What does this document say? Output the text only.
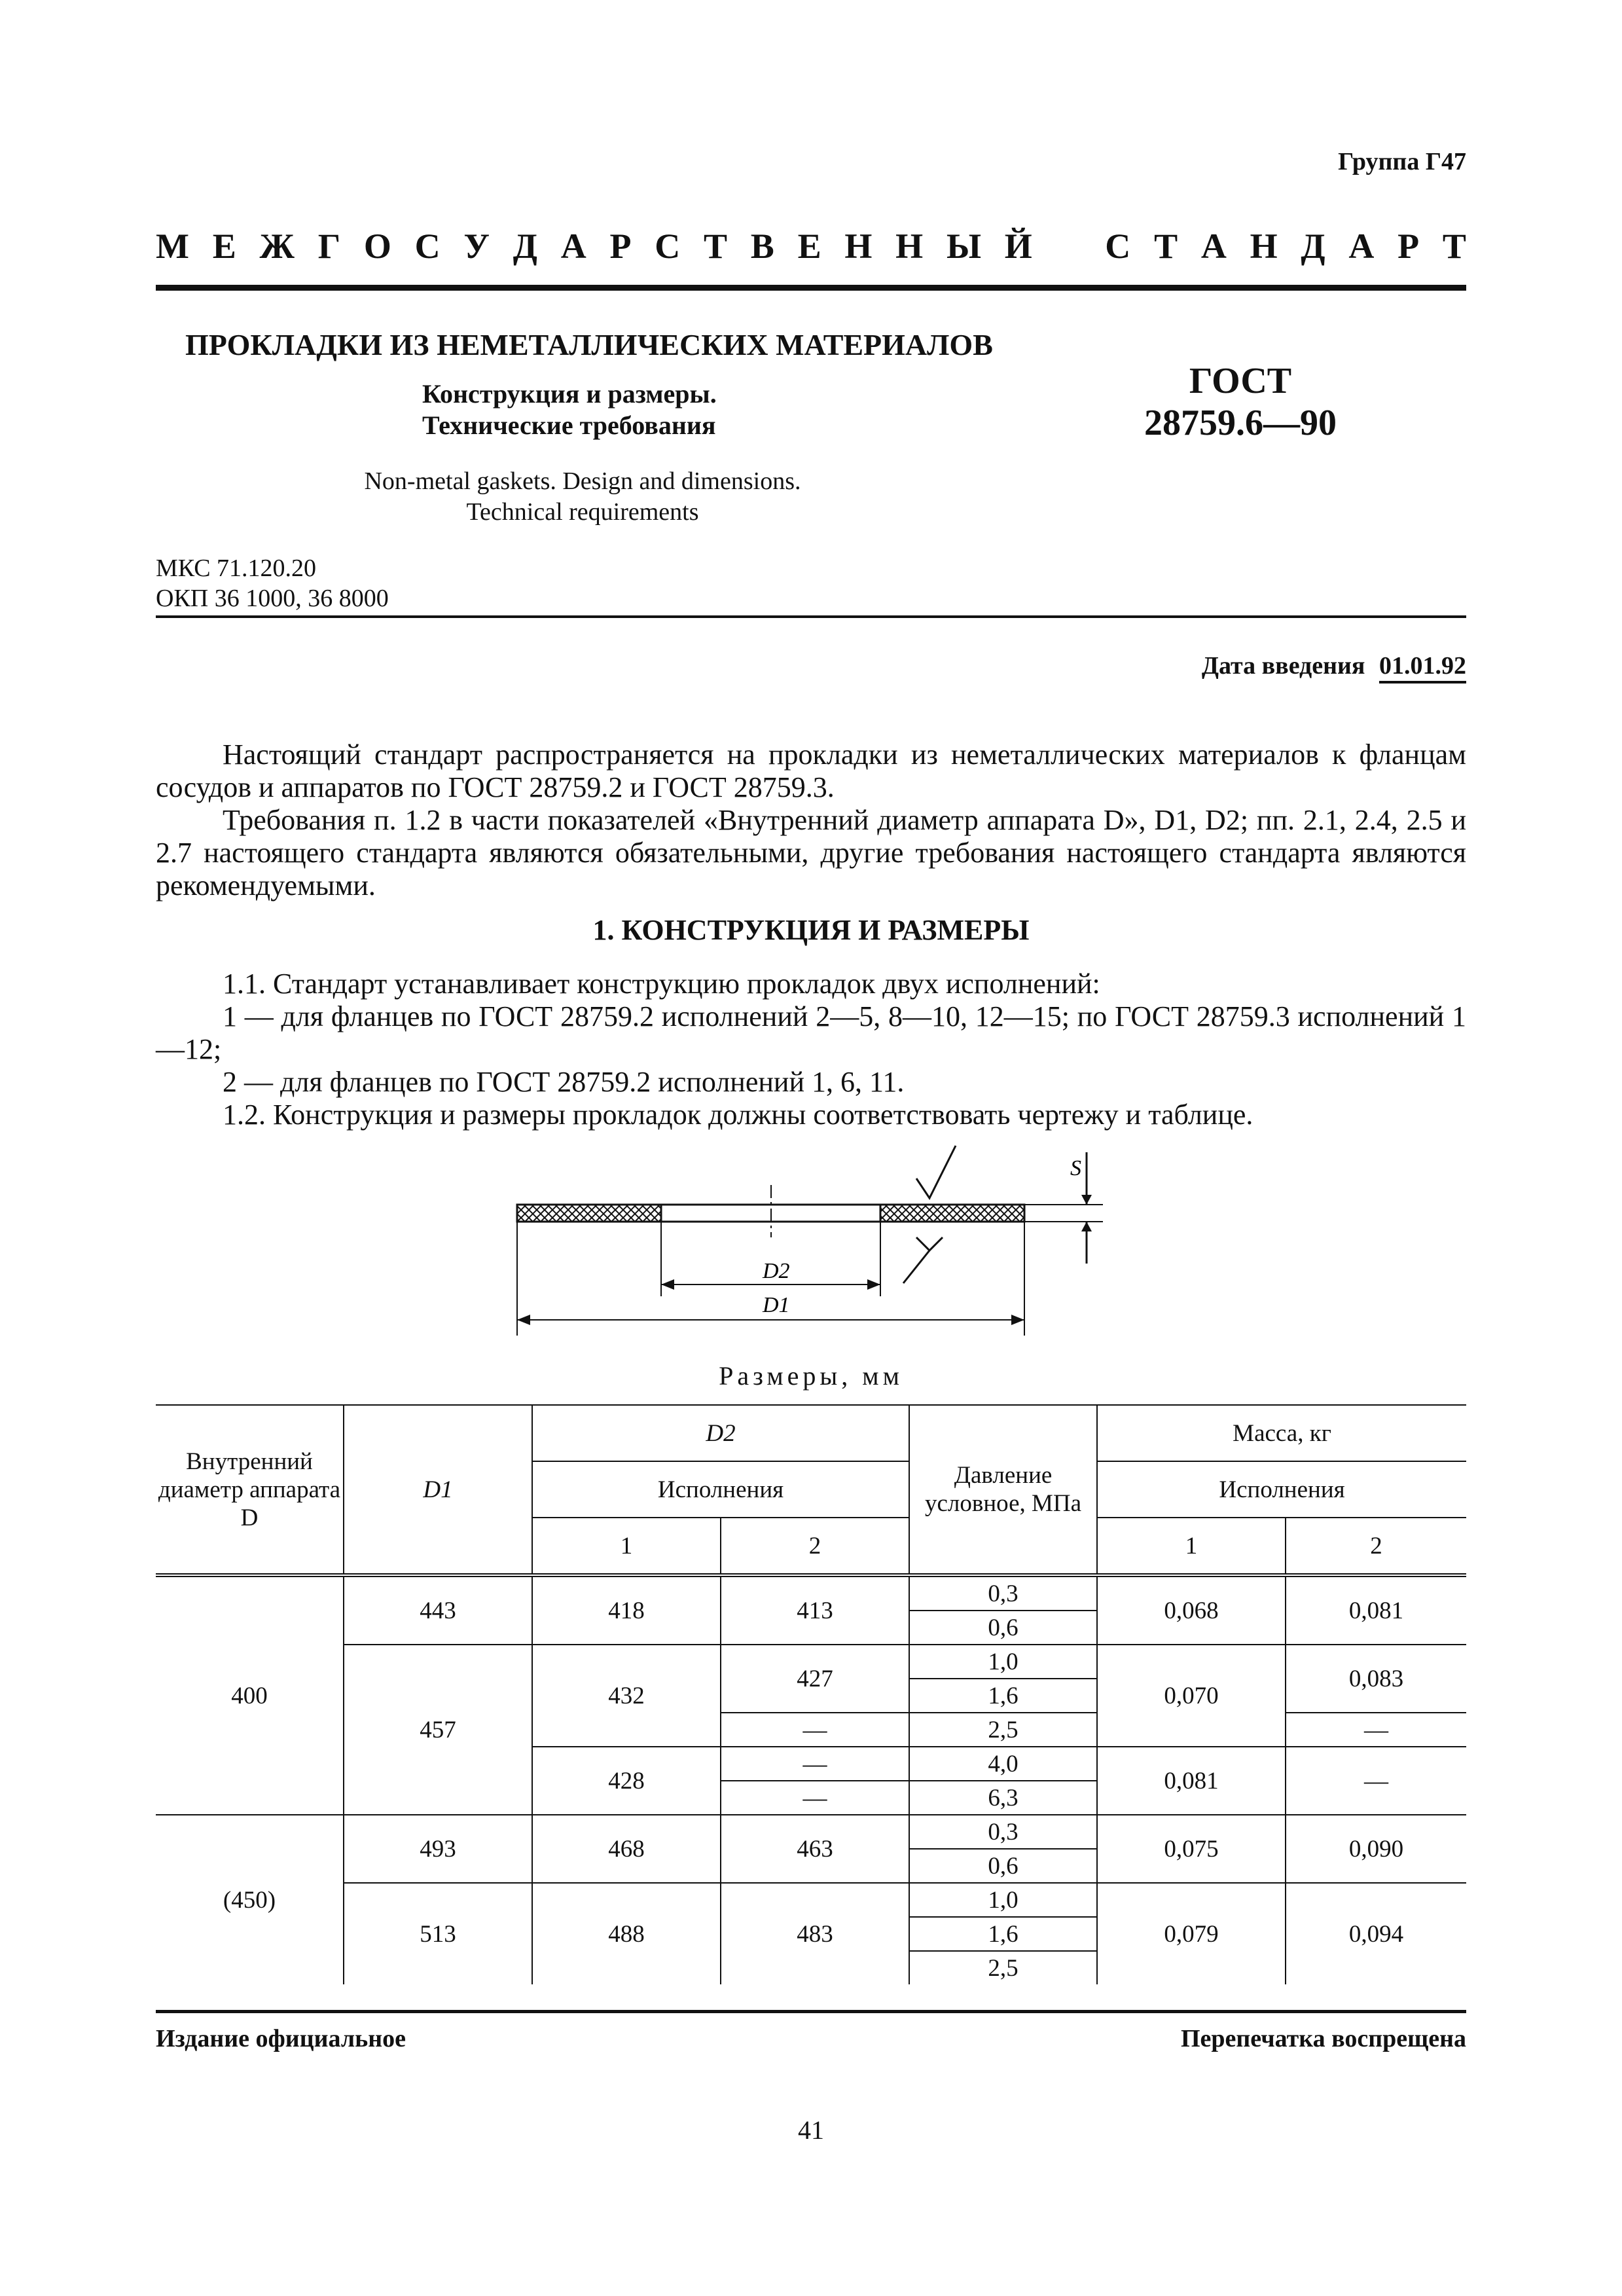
Группа Г47
М Е Ж Г О С У Д А Р С Т В Е Н Н Ы Й С Т А Н Д А Р Т
ПРОКЛАДКИ ИЗ НЕМЕТАЛЛИЧЕСКИХ МАТЕРИАЛОВ
Конструкция и размеры.
Технические требования
ГОСТ
28759.6—90
Non-metal gaskets. Design and dimensions.
Technical requirements
МКС 71.120.20
ОКП 36 1000, 36 8000
Дата введения 01.01.92

Настоящий стандарт распространяется на прокладки из неметаллических материалов к фланцам сосудов и аппаратов по ГОСТ 28759.2 и ГОСТ 28759.3.

Требования п. 1.2 в части показателей «Внутренний диаметр аппарата D», D1, D2; пп. 2.1, 2.4, 2.5 и 2.7 настоящего стандарта являются обязательными, другие требования настоящего стандарта являются рекомендуемыми.

1. КОНСТРУКЦИЯ И РАЗМЕРЫ

1.1. Стандарт устанавливает конструкцию прокладок двух исполнений:

1 — для фланцев по ГОСТ 28759.2 исполнений 2—5, 8—10, 12—15; по ГОСТ 28759.3 исполнений 1—12;

2 — для фланцев по ГОСТ 28759.2 исполнений 1, 6, 11.

1.2. Конструкция и размеры прокладок должны соответствовать чертежу и таблице.

S
D2
D1
Размеры, мм
Внутренний диаметр аппарата D	D1	D2		Давление условное, МПа	Масса, кг	
		Исполнения			Исполнения	
		1	2		1	2
400	443	418	413	0,3	0,068	0,081
				0,6		
	457	432	427	1,0	0,070	0,083
				1,6		
			—	2,5		—
		428	—	4,0	0,081	—
			—	6,3		
(450)	493	468	463	0,3	0,075	0,090
				0,6		
	513	488	483	1,0	0,079	0,094
				1,6		
				2,5		
Издание официальное	Перепечатка воспрещена
41
